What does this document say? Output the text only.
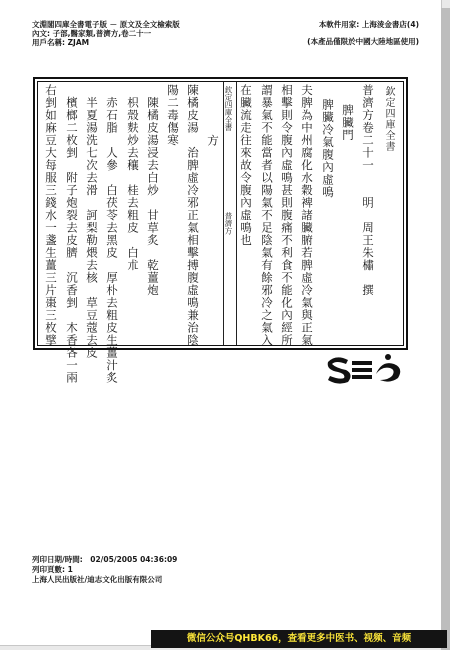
文淵閣四庫全書電子版 － 原文及全文檢索版
內文: 子部,醫家類,普濟方,卷二十一
用戶名稱: ZJAM
本軟件用家: 上海淩金書店(4)
(本產品僅限於中國大陸地區使用)
欽定四庫全書
普濟方卷二十一　　明　周王朱橚　撰
脾臟門
　脾臟冷氣腹內虛鳴
夫脾為中州腐化水穀裨諸臟腑若脾虛冷氣與正氣
相擊則令腹內虛鳴甚則腹痛不利食不能化內經所
謂暴氣不能當者以陽氣不足陰氣有餘邪冷之氣入
在臟流走往來故令腹內虛鳴也
欽定四庫全書 普濟方
　方
陳橘皮湯　治脾虛冷邪正氣相擊搏腹虛鳴兼治陰
陽二毒傷寒
　陳橘皮湯浸去白炒　甘草炙　乾薑炮
　枳殼麩炒去穰　桂去粗皮　白朮
　赤石脂　人參　白茯苓去黑皮　厚朴去粗皮生薑汁炙
　半夏湯洗七次去滑　訶梨勒煨去核　草豆蔻去皮
　檳榔二枚剉　附子炮裂去皮臍　沉香剉　木香各一兩
右剉如麻豆大每服三錢水一盞生薑三片棗三枚擘
列印日期/時間:　02/05/2005 04:36:09
列印頁數: 1
上海人民出版社/迪志文化出版有限公司
微信公众号QHBK66，查看更多中医书、视频、音频
